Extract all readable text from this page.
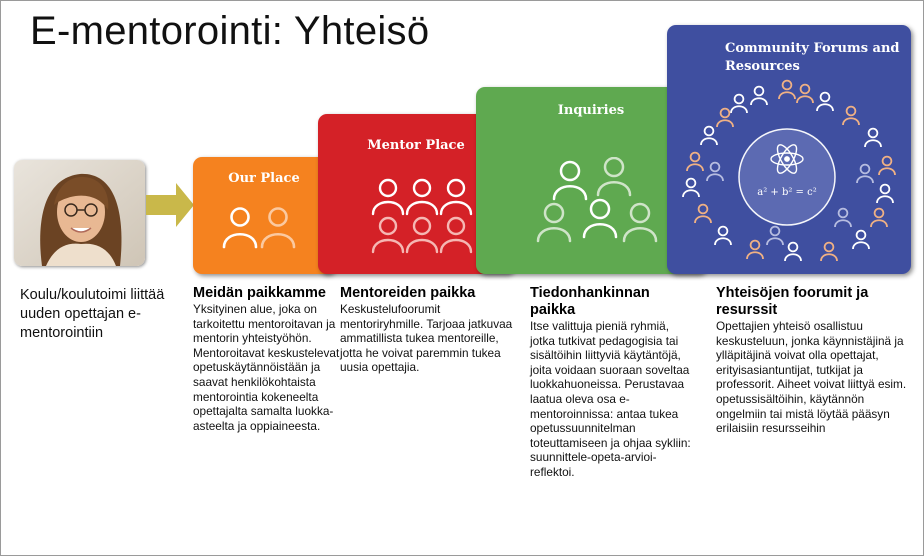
E-mentorointi: Yhteisö
Our Place
Mentor Place
Inquiries
Community Forums and Resources
a² + b² = c²
Koulu/koulutoimi liittää uuden opettajan e-mentorointiin
Meidän paikkamme
Yksityinen alue, joka on tarkoitettu mentoroitavan ja mentorin yhteistyöhön. Mentoroitavat keskustelevat opetuskäytännöistään ja saavat henkilökohtaista mentorointia kokeneelta opettajalta samalta luokka-asteelta ja oppiaineesta.
Mentoreiden paikka
Keskustelufoorumit mentoriryhmille. Tarjoaa jatkuvaa ammatillista tukea mentoreille, jotta he voivat paremmin tukea uusia opettajia.
Tiedonhankinnan paikka
Itse valittuja pieniä ryhmiä, jotka tutkivat pedagogisia tai sisältöihin liittyviä käytäntöjä, joita voidaan suoraan soveltaa luokkahuoneissa. Perustavaa laatua oleva osa e-mentoroinnissa: antaa tukea opetussuunnitelman toteuttamiseen ja ohjaa sykliin: suunnittele-opeta-arvioi-reflektoi.
Yhteisöjen foorumit ja resurssit
Opettajien yhteisö osallistuu keskusteluun, jonka käynnistäjinä ja ylläpitäjinä voivat olla opettajat, erityisasiantuntijat, tutkijat ja professorit. Aiheet voivat liittyä esim. opetussisältöihin, käytännön ongelmiin tai mistä löytää pääsyn erilaisiin resursseihin
